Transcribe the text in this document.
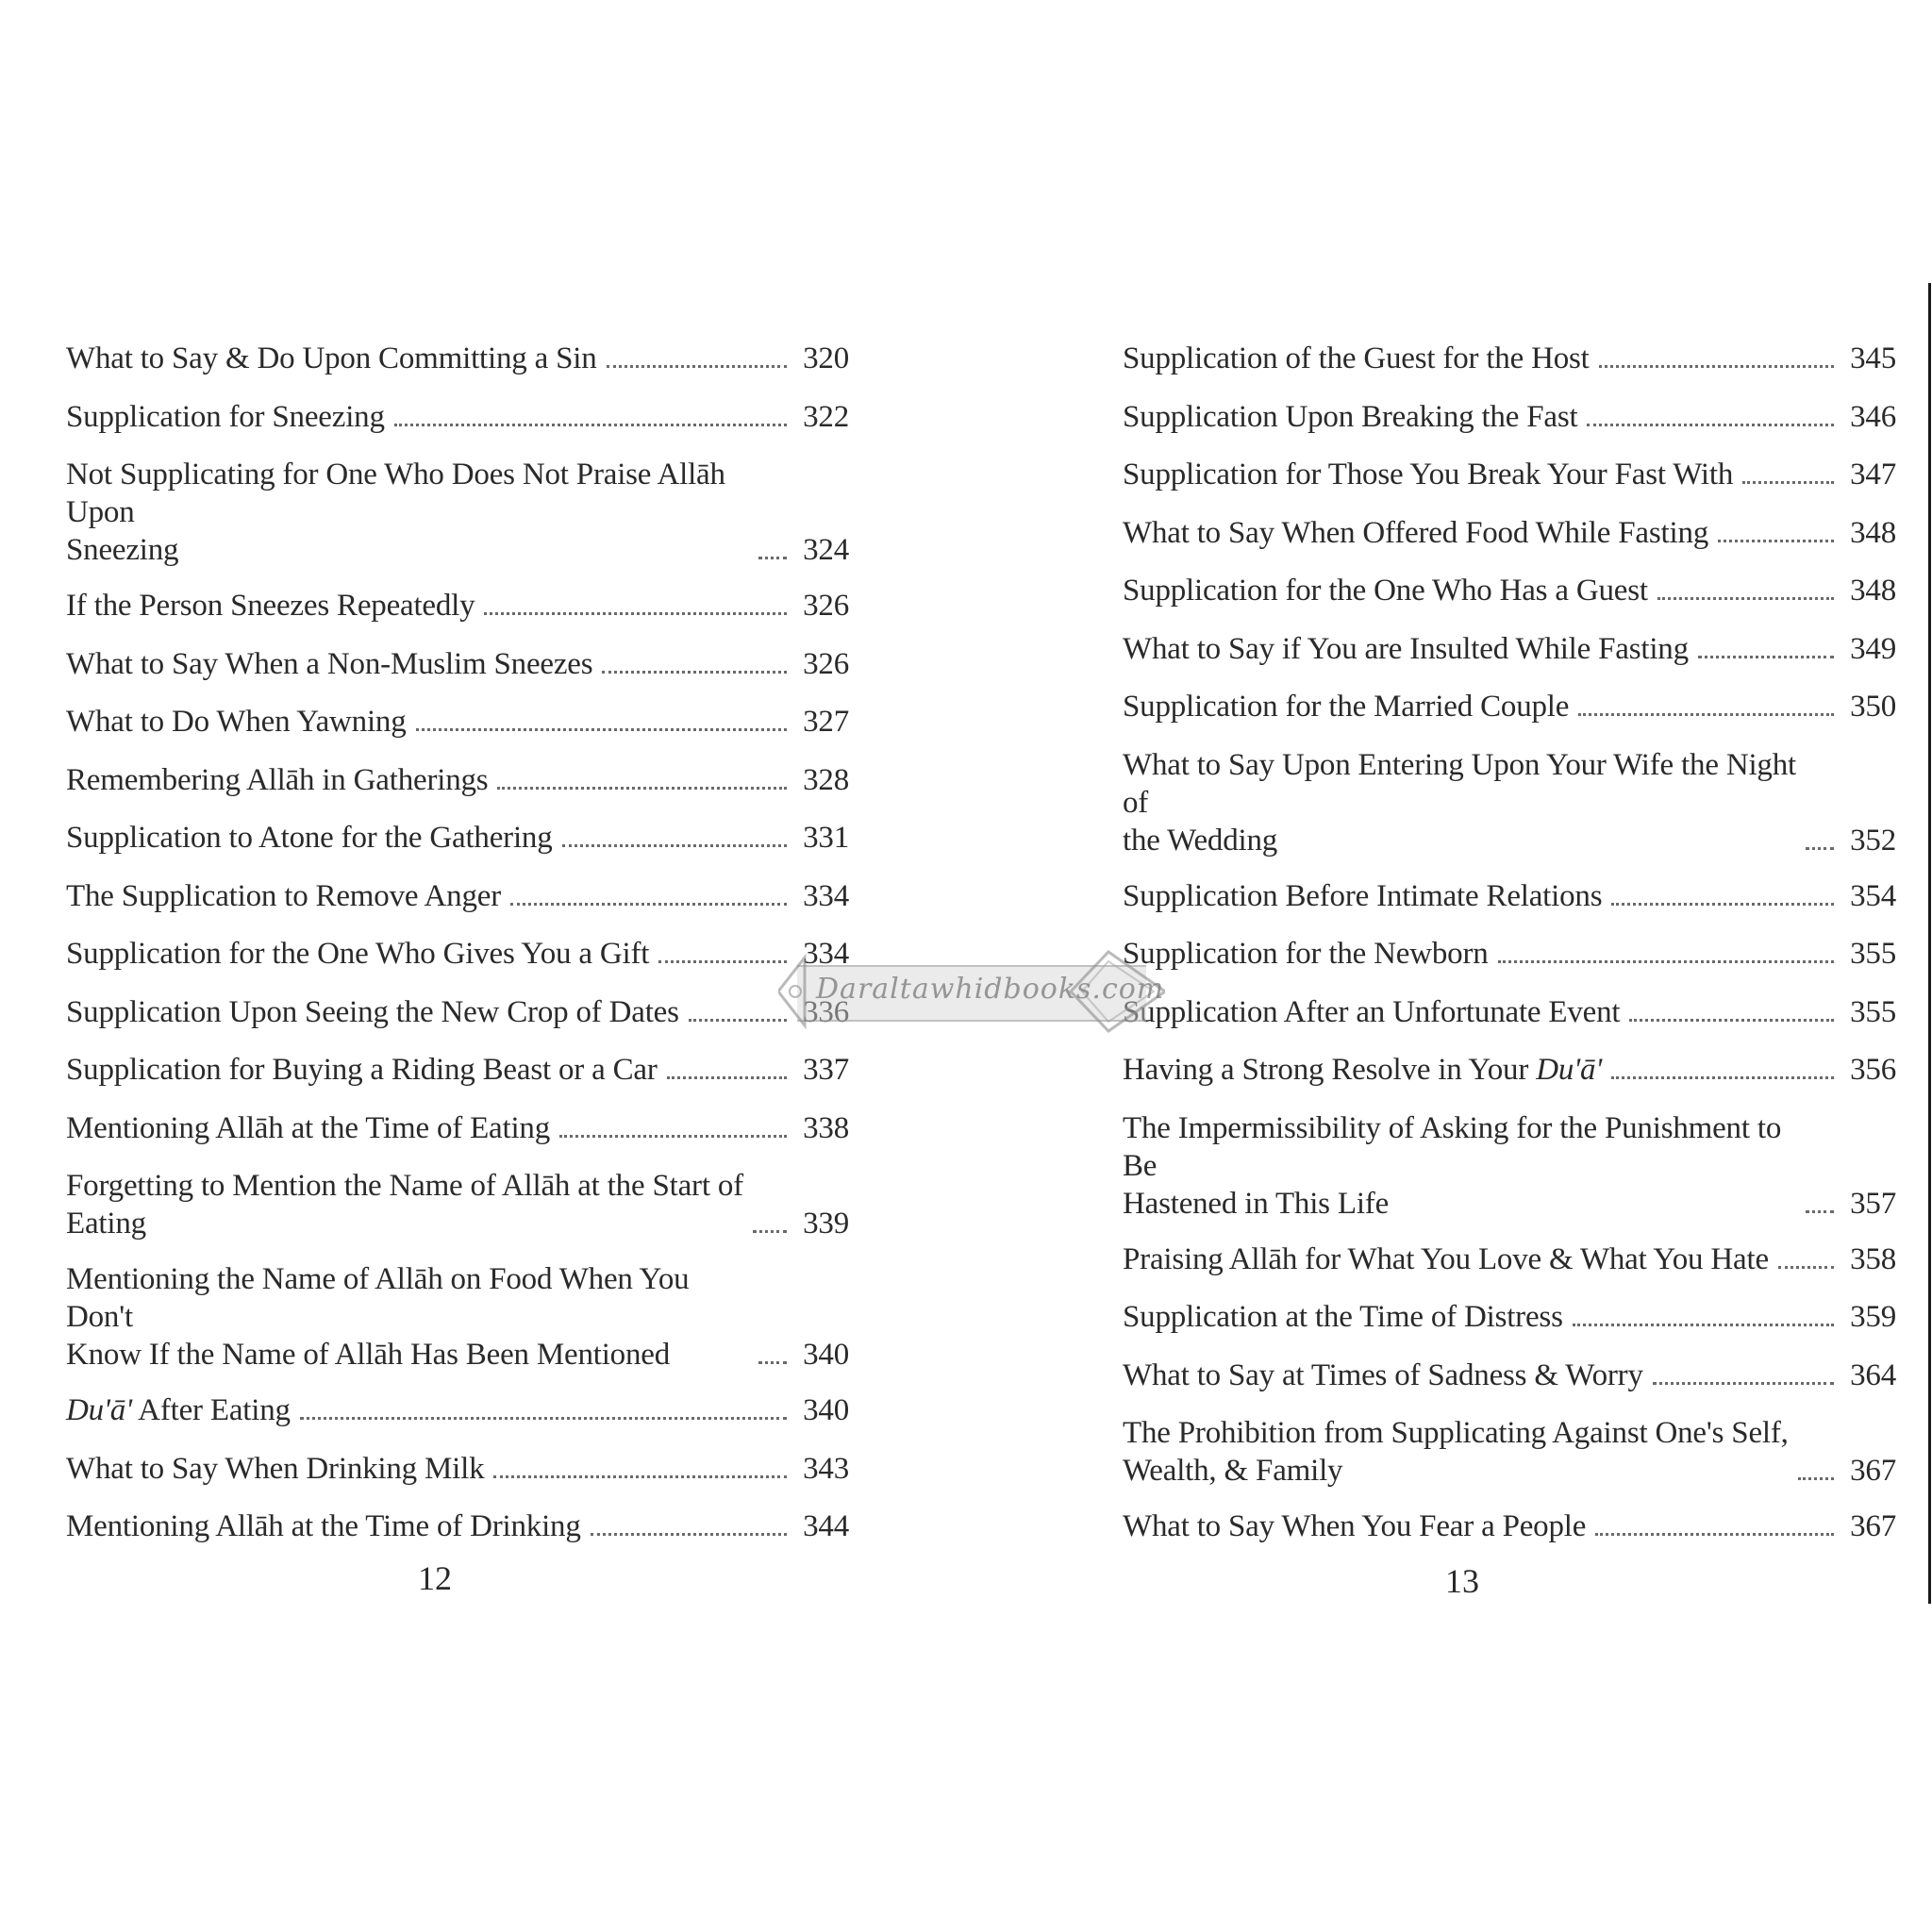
What to Say & Do Upon Committing a Sin	320
Supplication for Sneezing	322
Not Supplicating for One Who Does Not Praise Allāh Upon
Sneezing	324
If the Person Sneezes Repeatedly	326
What to Say When a Non-Muslim Sneezes	326
What to Do When Yawning	327
Remembering Allāh in Gatherings	328
Supplication to Atone for the Gathering	331
The Supplication to Remove Anger	334
Supplication for the One Who Gives You a Gift	334
Supplication Upon Seeing the New Crop of Dates	336
Supplication for Buying a Riding Beast or a Car	337
Mentioning Allāh at the Time of Eating	338
Forgetting to Mention the Name of Allāh at the Start of
Eating	339
Mentioning the Name of Allāh on Food When You Don't
Know If the Name of Allāh Has Been Mentioned	340
Du'ā' After Eating	340
What to Say When Drinking Milk	343
Mentioning Allāh at the Time of Drinking	344
Supplication of the Guest for the Host	345
Supplication Upon Breaking the Fast	346
Supplication for Those You Break Your Fast With	347
What to Say When Offered Food While Fasting	348
Supplication for the One Who Has a Guest	348
What to Say if You are Insulted While Fasting	349
Supplication for the Married Couple	350
What to Say Upon Entering Upon Your Wife the Night of
the Wedding	352
Supplication Before Intimate Relations	354
Supplication for the Newborn	355
Supplication After an Unfortunate Event	355
Having a Strong Resolve in Your Du'ā'	356
The Impermissibility of Asking for the Punishment to Be
Hastened in This Life	357
Praising Allāh for What You Love & What You Hate	358
Supplication at the Time of Distress	359
What to Say at Times of Sadness & Worry	364
The Prohibition from Supplicating Against One's Self,
Wealth, & Family	367
What to Say When You Fear a People	367
12	13
Daraltawhidbooks.com
